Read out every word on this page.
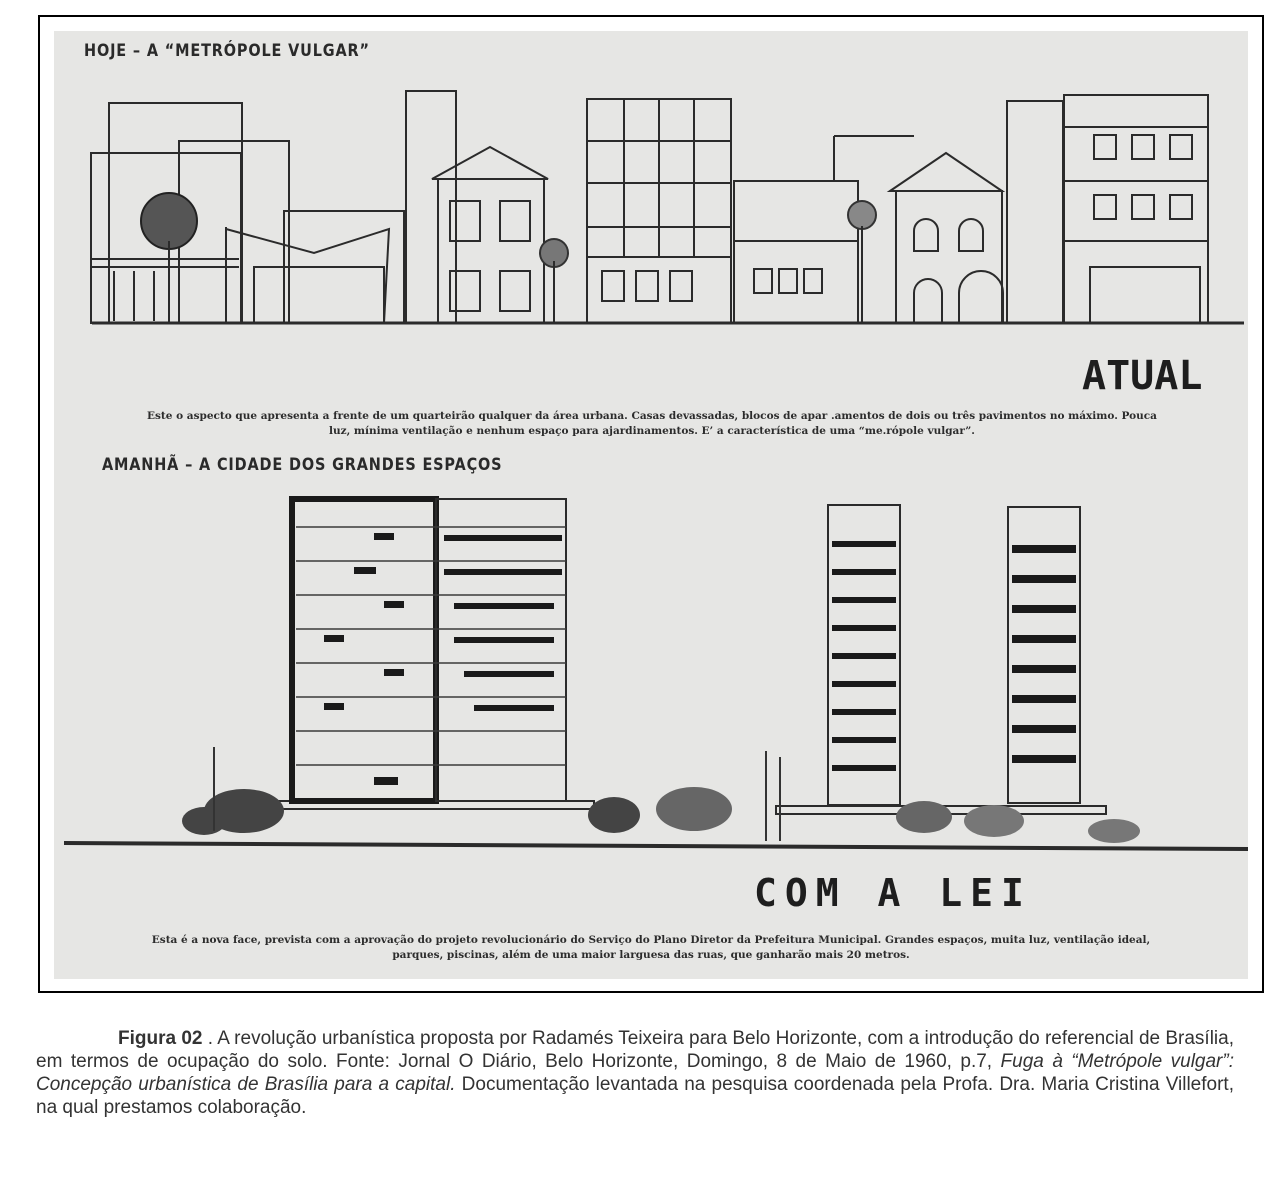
HOJE – A “METRÓPOLE VULGAR”
ATUAL
Este o aspecto que apresenta a frente de um quarteirão qualquer da área urbana. Casas devassadas, blocos de apar .amentos de dois ou três pavimentos no máximo. Pouca
luz, mínima ventilação e nenhum espaço para ajardinamentos. E’ a característica de uma “me.rópole vulgar”.
AMANHÃ – A CIDADE DOS GRANDES ESPAÇOS
COM A LEI
Esta é a nova face, prevista com a aprovação do projeto revolucionário do Serviço do Plano Diretor da Prefeitura Municipal. Grandes espaços, muita luz, ventilação ideal,
parques, piscinas, além de uma maior larguesa das ruas, que ganharão mais 20 metros.
Figura 02 . A revolução urbanística proposta por Radamés Teixeira para Belo Horizonte, com a introdução do referencial de Brasília, em termos de ocupação do solo. Fonte: Jornal O Diário, Belo Horizonte, Domingo, 8 de Maio de 1960, p.7, Fuga à “Metrópole vulgar”: Concepção urbanística de Brasília para a capital. Documentação levantada na pesquisa coordenada pela Profa. Dra. Maria Cristina Villefort, na qual prestamos colaboração.
